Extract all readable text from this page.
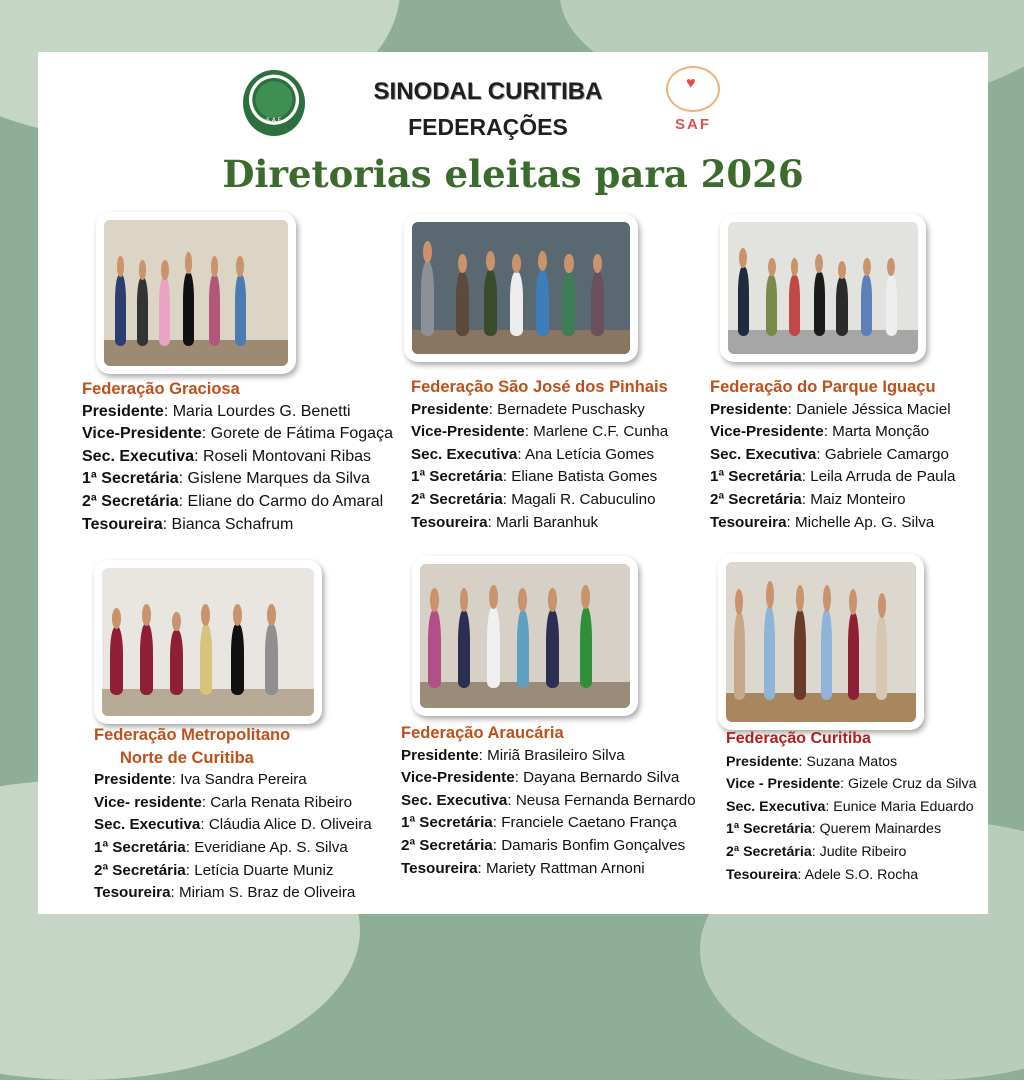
S.A.F.
♥
SAF
SINODAL CURITIBA
FEDERAÇÕES
Diretorias eleitas para 2026
Federação Graciosa
Presidente: Maria Lourdes G. Benetti
Vice-Presidente: Gorete de Fátima Fogaça
Sec. Executiva: Roseli Montovani Ribas
1ª Secretária: Gislene Marques da Silva
2ª Secretária: Eliane do Carmo do Amaral
Tesoureira: Bianca Schafrum
Federação São José dos Pinhais
Presidente: Bernadete Puschasky
Vice-Presidente: Marlene C.F. Cunha
Sec. Executiva: Ana Letícia Gomes
1ª Secretária: Eliane Batista Gomes
2ª Secretária: Magali R. Cabuculino
Tesoureira: Marli Baranhuk
Federação do Parque Iguaçu
Presidente: Daniele Jéssica Maciel
Vice-Presidente: Marta Monção
Sec. Executiva: Gabriele Camargo
1ª Secretária: Leila Arruda de Paula
2ª Secretária: Maiz Monteiro
Tesoureira: Michelle Ap. G. Silva
Federação Metropolitano
Norte de Curitiba
Presidente: Iva Sandra Pereira
Vice- residente: Carla Renata Ribeiro
Sec. Executiva: Cláudia Alice D. Oliveira
1ª Secretária: Everidiane Ap. S. Silva
2ª Secretária: Letícia Duarte Muniz
Tesoureira: Miriam S. Braz de Oliveira
Federação Araucária
Presidente: Miriã Brasileiro Silva
Vice-Presidente: Dayana Bernardo Silva
Sec. Executiva: Neusa Fernanda Bernardo
1ª Secretária: Franciele Caetano França
2ª Secretária: Damaris Bonfim Gonçalves
Tesoureira: Mariety Rattman Arnoni
Federação Curitiba
Presidente: Suzana Matos
Vice - Presidente: Gizele Cruz da Silva
Sec. Executiva: Eunice Maria Eduardo
1ª Secretária: Querem Mainardes
2ª Secretária: Judite Ribeiro
Tesoureira: Adele S.O. Rocha
